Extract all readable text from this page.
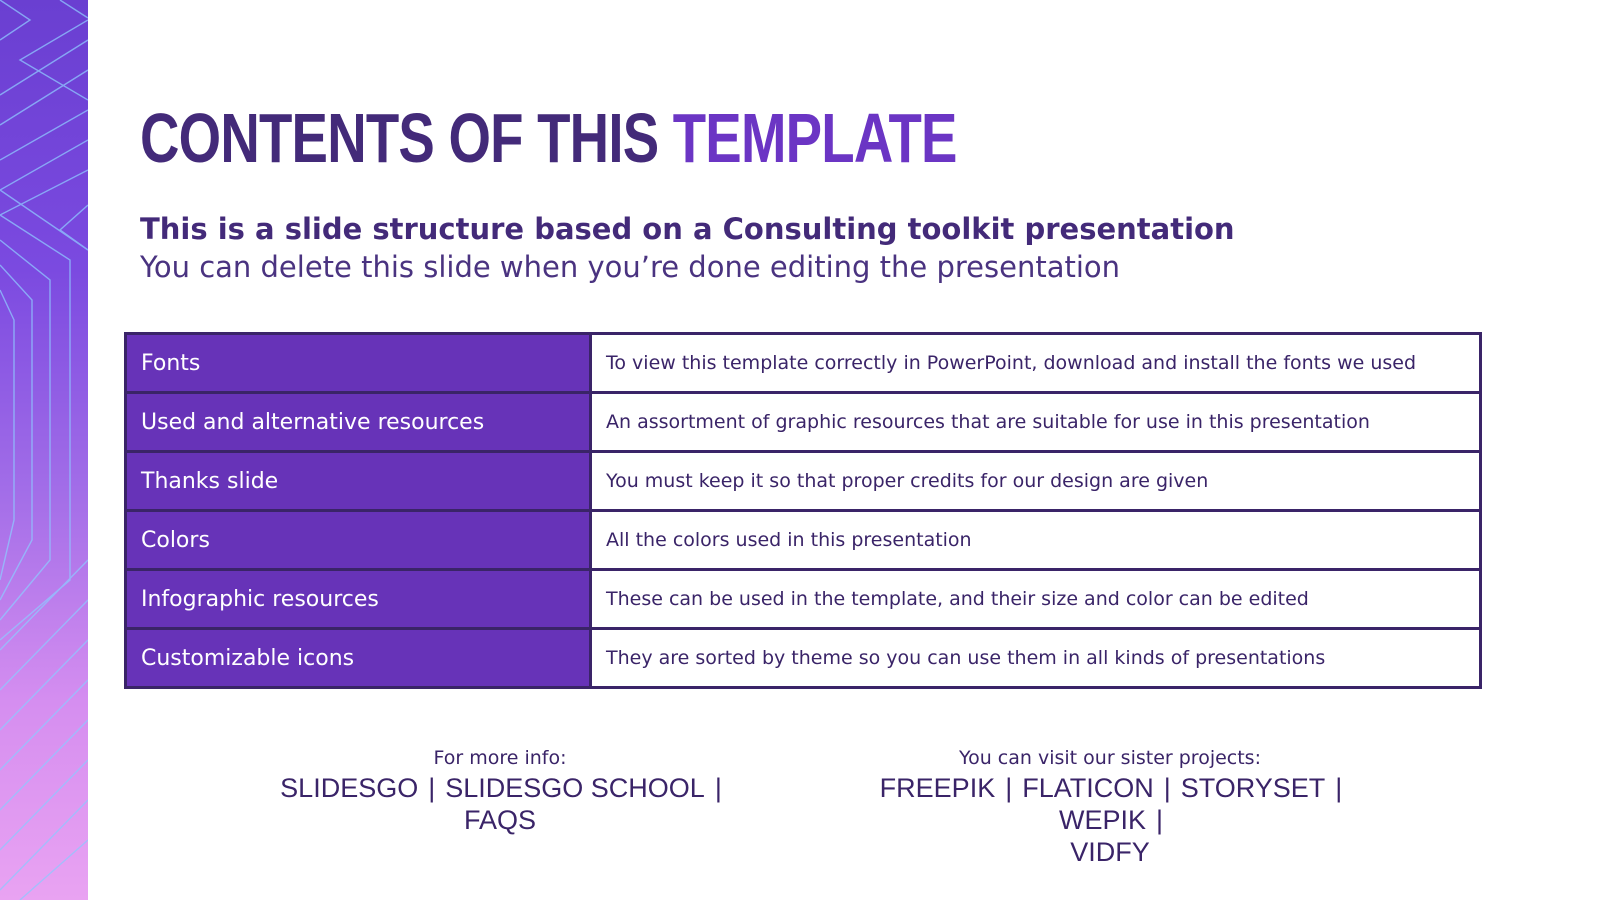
CONTENTS OF THIS TEMPLATE
This is a slide structure based on a Consulting toolkit presentation
You can delete this slide when you’re done editing the presentation
Fonts	To view this template correctly in PowerPoint, download and install the fonts we used
Used and alternative resources	An assortment of graphic resources that are suitable for use in this presentation
Thanks slide	You must keep it so that proper credits for our design are given
Colors	All the colors used in this presentation
Infographic resources	These can be used in the template, and their size and color can be edited
Customizable icons	They are sorted by theme so you can use them in all kinds of presentations
For more info:
SLIDESGO | SLIDESGO SCHOOL |FAQS
You can visit our sister projects:
FREEPIK | FLATICON | STORYSET |WEPIK |
VIDFY
